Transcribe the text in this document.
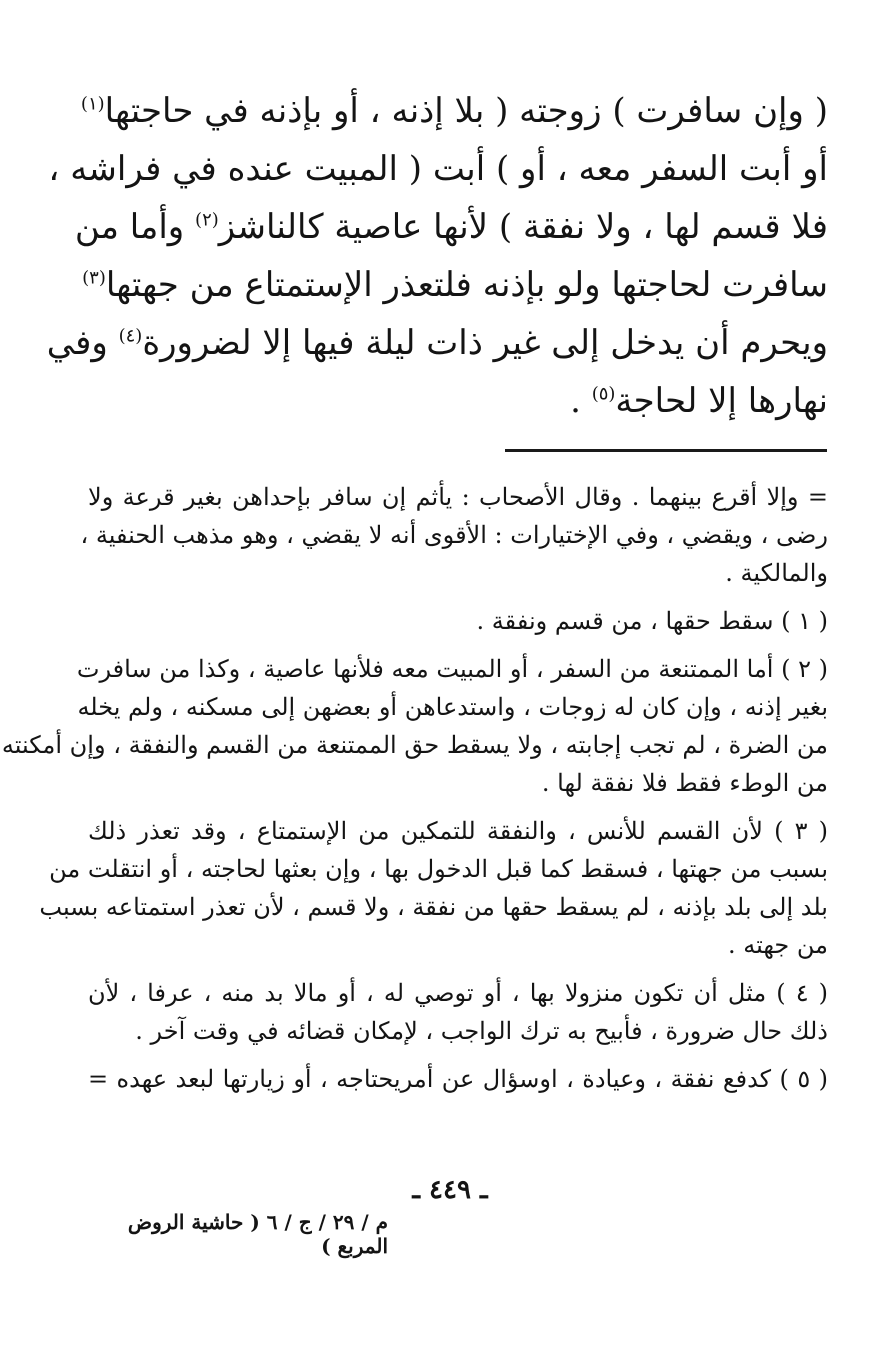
( وإن سافرت ) زوجته ( بلا إذنه ، أو بإذنه في حاجتها$^{(١)}$
أو أبت السفر معه ، أو ) أبت ( المبيت عنده في فراشه ،
فلا قسم لها ، ولا نفقة ) لأنها عاصية كالناشز$^{(٢)}$ وأما من
سافرت لحاجتها ولو بإذنه فلتعذر الإستمتاع من جهتها$^{(٣)}$
ويحرم أن يدخل إلى غير ذات ليلة فيها إلا لضرورة$^{(٤)}$ وفي
نهارها إلا لحاجة$^{(٥)}$ .
= وإلا أقرع بينهما . وقال الأصحاب : يأثم إن سافر بإحداهن بغير قرعة ولا
رضى ، ويقضي ، وفي الإختيارات : الأقوى أنه لا يقضي ، وهو مذهب الحنفية ،
والمالكية .
( ١ ) سقط حقها ، من قسم ونفقة .
( ٢ ) أما الممتنعة من السفر ، أو المبيت معه فلأنها عاصية ، وكذا من سافرت
بغير إذنه ، وإن كان له زوجات ، واستدعاهن أو بعضهن إلى مسكنه ، ولم يخله
من الضرة ، لم تجب إجابته ، ولا يسقط حق الممتنعة من القسم والنفقة ، وإن أمكنته
من الوطء فقط فلا نفقة لها .
( ٣ ) لأن القسم للأنس ، والنفقة للتمكين من الإستمتاع ، وقد تعذر ذلك
بسبب من جهتها ، فسقط كما قبل الدخول بها ، وإن بعثها لحاجته ، أو انتقلت من
بلد إلى بلد بإذنه ، لم يسقط حقها من نفقة ، ولا قسم ، لأن تعذر استمتاعه بسبب
من جهته .
( ٤ ) مثل أن تكون منزولا بها ، أو توصي له ، أو مالا بد منه ، عرفا ، لأن
ذلك حال ضرورة ، فأبيح به ترك الواجب ، لإمكان قضائه في وقت آخر .
( ٥ ) كدفع نفقة ، وعيادة ، اوسؤال عن أمريحتاجه ، أو زيارتها لبعد عهده =
ـ ٤٤٩ ـ
م / ٢٩ / ج / ٦ ( حاشية الروض المربع )
